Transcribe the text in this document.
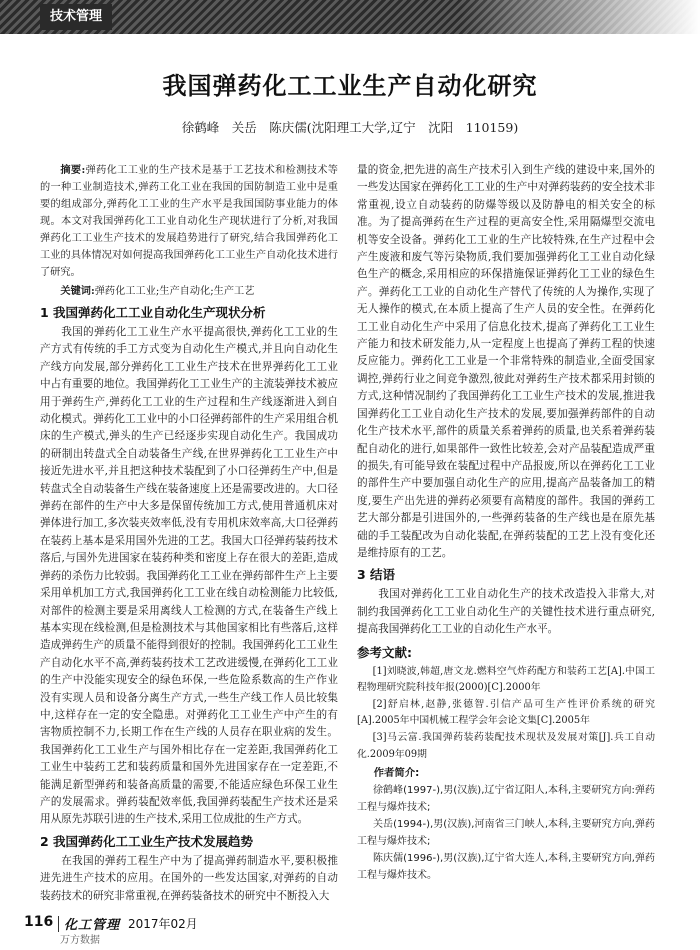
技术管理
我国弹药化工工业生产自动化研究
徐鹤峰　关岳　陈庆儒(沈阳理工大学,辽宁　沈阳　110159)

摘要:弹药化工工业的生产技术是基于工艺技术和检测技术等的一种工业制造技术,弹药工化工业在我国的国防制造工业中是重要的组成部分,弹药化工工业的生产水平是我国国防事业能力的体现。本文对我国弹药化工工业自动化生产现状进行了分析,对我国弹药化工工业生产技术的发展趋势进行了研究,结合我国弹药化工工业的具体情况对如何提高我国弹药化工工业生产自动化技术进行了研究。

关键词:弹药化工工业;生产自动化;生产工艺

1 我国弹药化工工业自动化生产现状分析

我国的弹药化工工业生产水平提高很快,弹药化工工业的生产方式有传统的手工方式变为自动化生产模式,并且向自动化生产线方向发展,部分弹药化工工业生产技术在世界弹药化工工业中占有重要的地位。我国弹药化工工业生产的主流装弹技术被应用于弹药生产,弹药化工工业的生产过程和生产线逐渐进入到自动化模式。弹药化工工业中的小口径弹药部件的生产采用组合机床的生产模式,弹头的生产已经逐步实现自动化生产。我国成功的研制出转盘式全自动装备生产线,在世界弹药化工工业生产中接近先进水平,并且把这种技术装配到了小口径弹药生产中,但是转盘式全自动装备生产线在装备速度上还是需要改进的。大口径弹药在部件的生产中大多是保留传统加工方式,使用普通机床对弹体进行加工,多次装夹效率低,没有专用机床效率高,大口径弹药在装药上基本是采用国外先进的工艺。我国大口径弹药装药技术落后,与国外先进国家在装药种类和密度上存在很大的差距,造成弹药的杀伤力比较弱。我国弹药化工工业在弹药部件生产上主要采用单机加工方式,我国弹药化工工业在线自动检测能力比较低,对部件的检测主要是采用离线人工检测的方式,在装备生产线上基本实现在线检测,但是检测技术与其他国家相比有些落后,这样造成弹药生产的质量不能得到很好的控制。我国弹药化工工业生产自动化水平不高,弹药装药技术工艺改进缓慢,在弹药化工工业的生产中没能实现安全的绿色环保,一些危险系数高的生产作业没有实现人员和设备分离生产方式,一些生产线工作人员比较集中,这样存在一定的安全隐患。对弹药化工工业生产中产生的有害物质控制不力,长期工作在生产线的人员存在职业病的发生。我国弹药化工工业生产与国外相比存在一定差距,我国弹药化工工业生中装药工艺和装药质量和国外先进国家存在一定差距,不能满足新型弹药和装备高质量的需要,不能适应绿色环保工业生产的发展需求。弹药装配效率低,我国弹药装配生产技术还是采用从原先苏联引进的生产技术,采用工位成批的生产方式。

2 我国弹药化工工业生产技术发展趋势

在我国的弹药工程生产中为了提高弹药制造水平,要积极推进先进生产技术的应用。在国外的一些发达国家,对弹药的自动装药技术的研究非常重视,在弹药装备技术的研究中不断投入大

量的资金,把先进的高生产技术引入到生产线的建设中来,国外的一些发达国家在弹药化工工业的生产中对弹药装药的安全技术非常重视,设立自动装药的防爆等级以及防静电的相关安全的标准。为了提高弹药在生产过程的更高安全性,采用隔爆型交流电机等安全设备。弹药化工工业的生产比较特殊,在生产过程中会产生废液和废气等污染物质,我们要加强弹药化工工业自动化绿色生产的概念,采用相应的环保措施保证弹药化工工业的绿色生产。弹药化工工业的自动化生产替代了传统的人为操作,实现了无人操作的模式,在本质上提高了生产人员的安全性。在弹药化工工业自动化生产中采用了信息化技术,提高了弹药化工工业生产能力和技术研发能力,从一定程度上也提高了弹药工程的快速反应能力。弹药化工工业是一个非常特殊的制造业,全面受国家调控,弹药行业之间竞争激烈,彼此对弹药生产技术都采用封锁的方式,这种情况制约了我国弹药化工工业生产技术的发展,推进我国弹药化工工业自动化生产技术的发展,要加强弹药部件的自动化生产技术水平,部件的质量关系着弹药的质量,也关系着弹药装配自动化的进行,如果部件一致性比较差,会对产品装配造成严重的损失,有可能导致在装配过程中产品报废,所以在弹药化工工业的部件生产中要加强自动化生产的应用,提高产品装备加工的精度,要生产出先进的弹药必须要有高精度的部件。我国的弹药工艺大部分都是引进国外的,一些弹药装备的生产线也是在原先基础的手工装配改为自动化装配,在弹药装配的工艺上没有变化还是维持原有的工艺。

3 结语

我国对弹药化工工业自动化生产的技术改造投入非常大,对制约我国弹药化工工业自动化生产的关键性技术进行重点研究,提高我国弹药化工工业的自动化生产水平。

参考文献:

[1]刘晓波,韩超,唐文龙.燃料空气炸药配方和装药工艺[A].中国工程物理研究院科技年报(2000)[C].2000年

[2]舒启林,赵静,张德智.引信产品可生产性评价系统的研究[A].2005年中国机械工程学会年会论文集[C].2005年

[3]马云富.我国弹药装药装配技术现状及发展对策[J].兵工自动化.2009年09期

作者简介:

徐鹤峰(1997-),男(汉族),辽宁省辽阳人,本科,主要研究方向:弹药工程与爆炸技术;

关岳(1994-),男(汉族),河南省三门峡人,本科,主要研究方向,弹药工程与爆炸技术;

陈庆儒(1996-),男(汉族),辽宁省大连人,本科,主要研究方向,弹药工程与爆炸技术。

116 化工管理 2017年02月
万方数据
